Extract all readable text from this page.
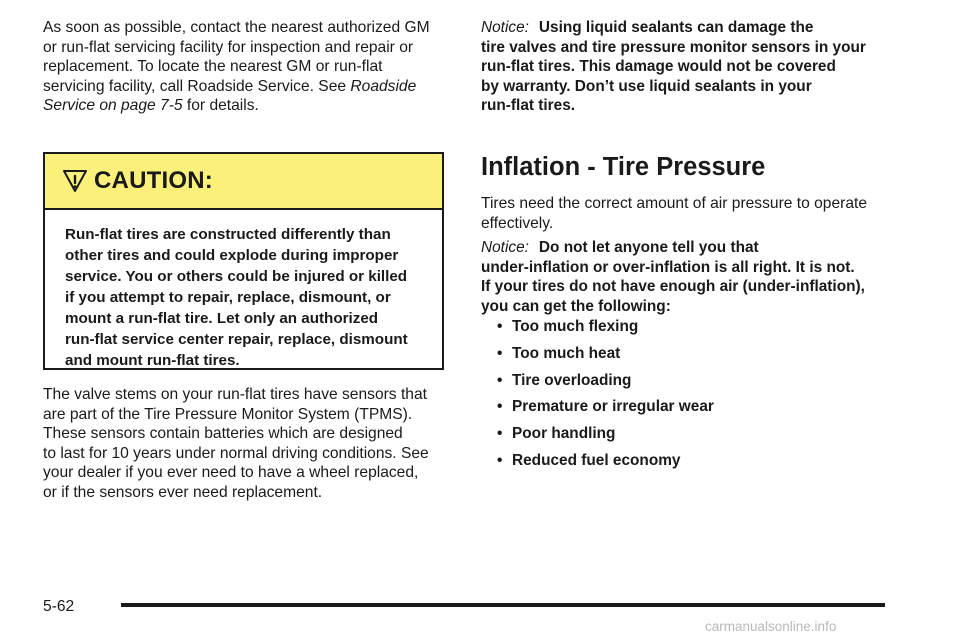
As soon as possible, contact the nearest authorized GM
or run-flat servicing facility for inspection and repair or
replacement. To locate the nearest GM or run-flat
servicing facility, call Roadside Service. See Roadside
Service on page 7-5 for details.

CAUTION:
Run-flat tires are constructed differently than
other tires and could explode during improper
service. You or others could be injured or killed
if you attempt to repair, replace, dismount, or
mount a run-flat tire. Let only an authorized
run-flat service center repair, replace, dismount
and mount run-flat tires.

The valve stems on your run-flat tires have sensors that
are part of the Tire Pressure Monitor System (TPMS).
These sensors contain batteries which are designed
to last for 10 years under normal driving conditions. See
your dealer if you ever need to have a wheel replaced,
or if the sensors ever need replacement.

Notice: Using liquid sealants can damage the
tire valves and tire pressure monitor sensors in your
run-flat tires. This damage would not be covered
by warranty. Don’t use liquid sealants in your
run-flat tires.
Inflation - Tire Pressure

Tires need the correct amount of air pressure to operate
effectively.

Notice: Do not let anyone tell you that
under-inflation or over-inflation is all right. It is not.
If your tires do not have enough air (under-inflation),
you can get the following:
• Too much flexing
• Too much heat
• Tire overloading
• Premature or irregular wear
• Poor handling
• Reduced fuel economy
5-62
carmanualsonline.info
